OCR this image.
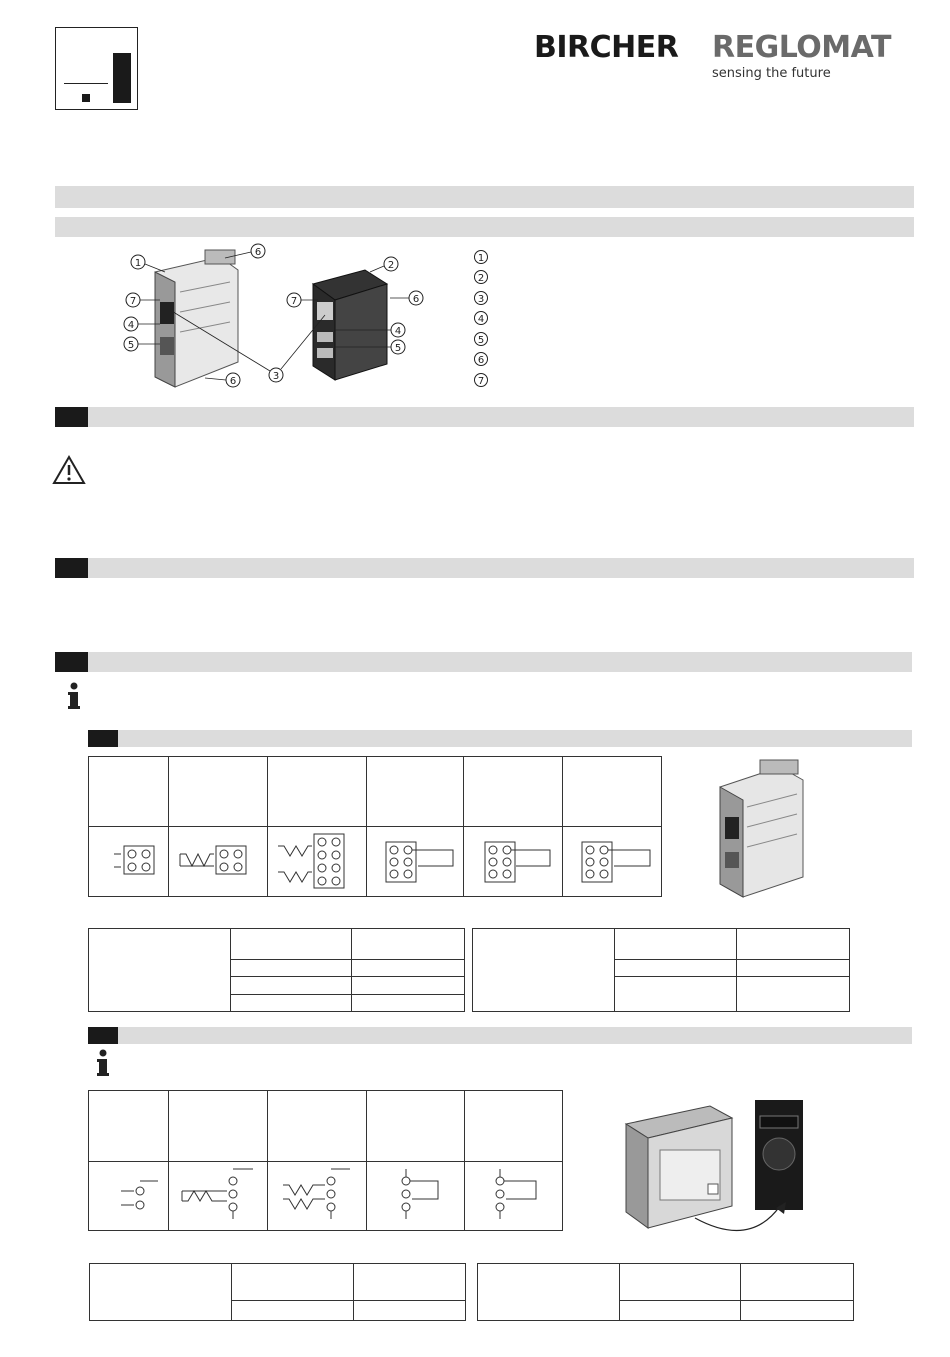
BIRCHER REGLOMAT
sensing the future
1
7
4
5
3
6
6
2
7	6
4
5
1
2
3
4
5
6
7
